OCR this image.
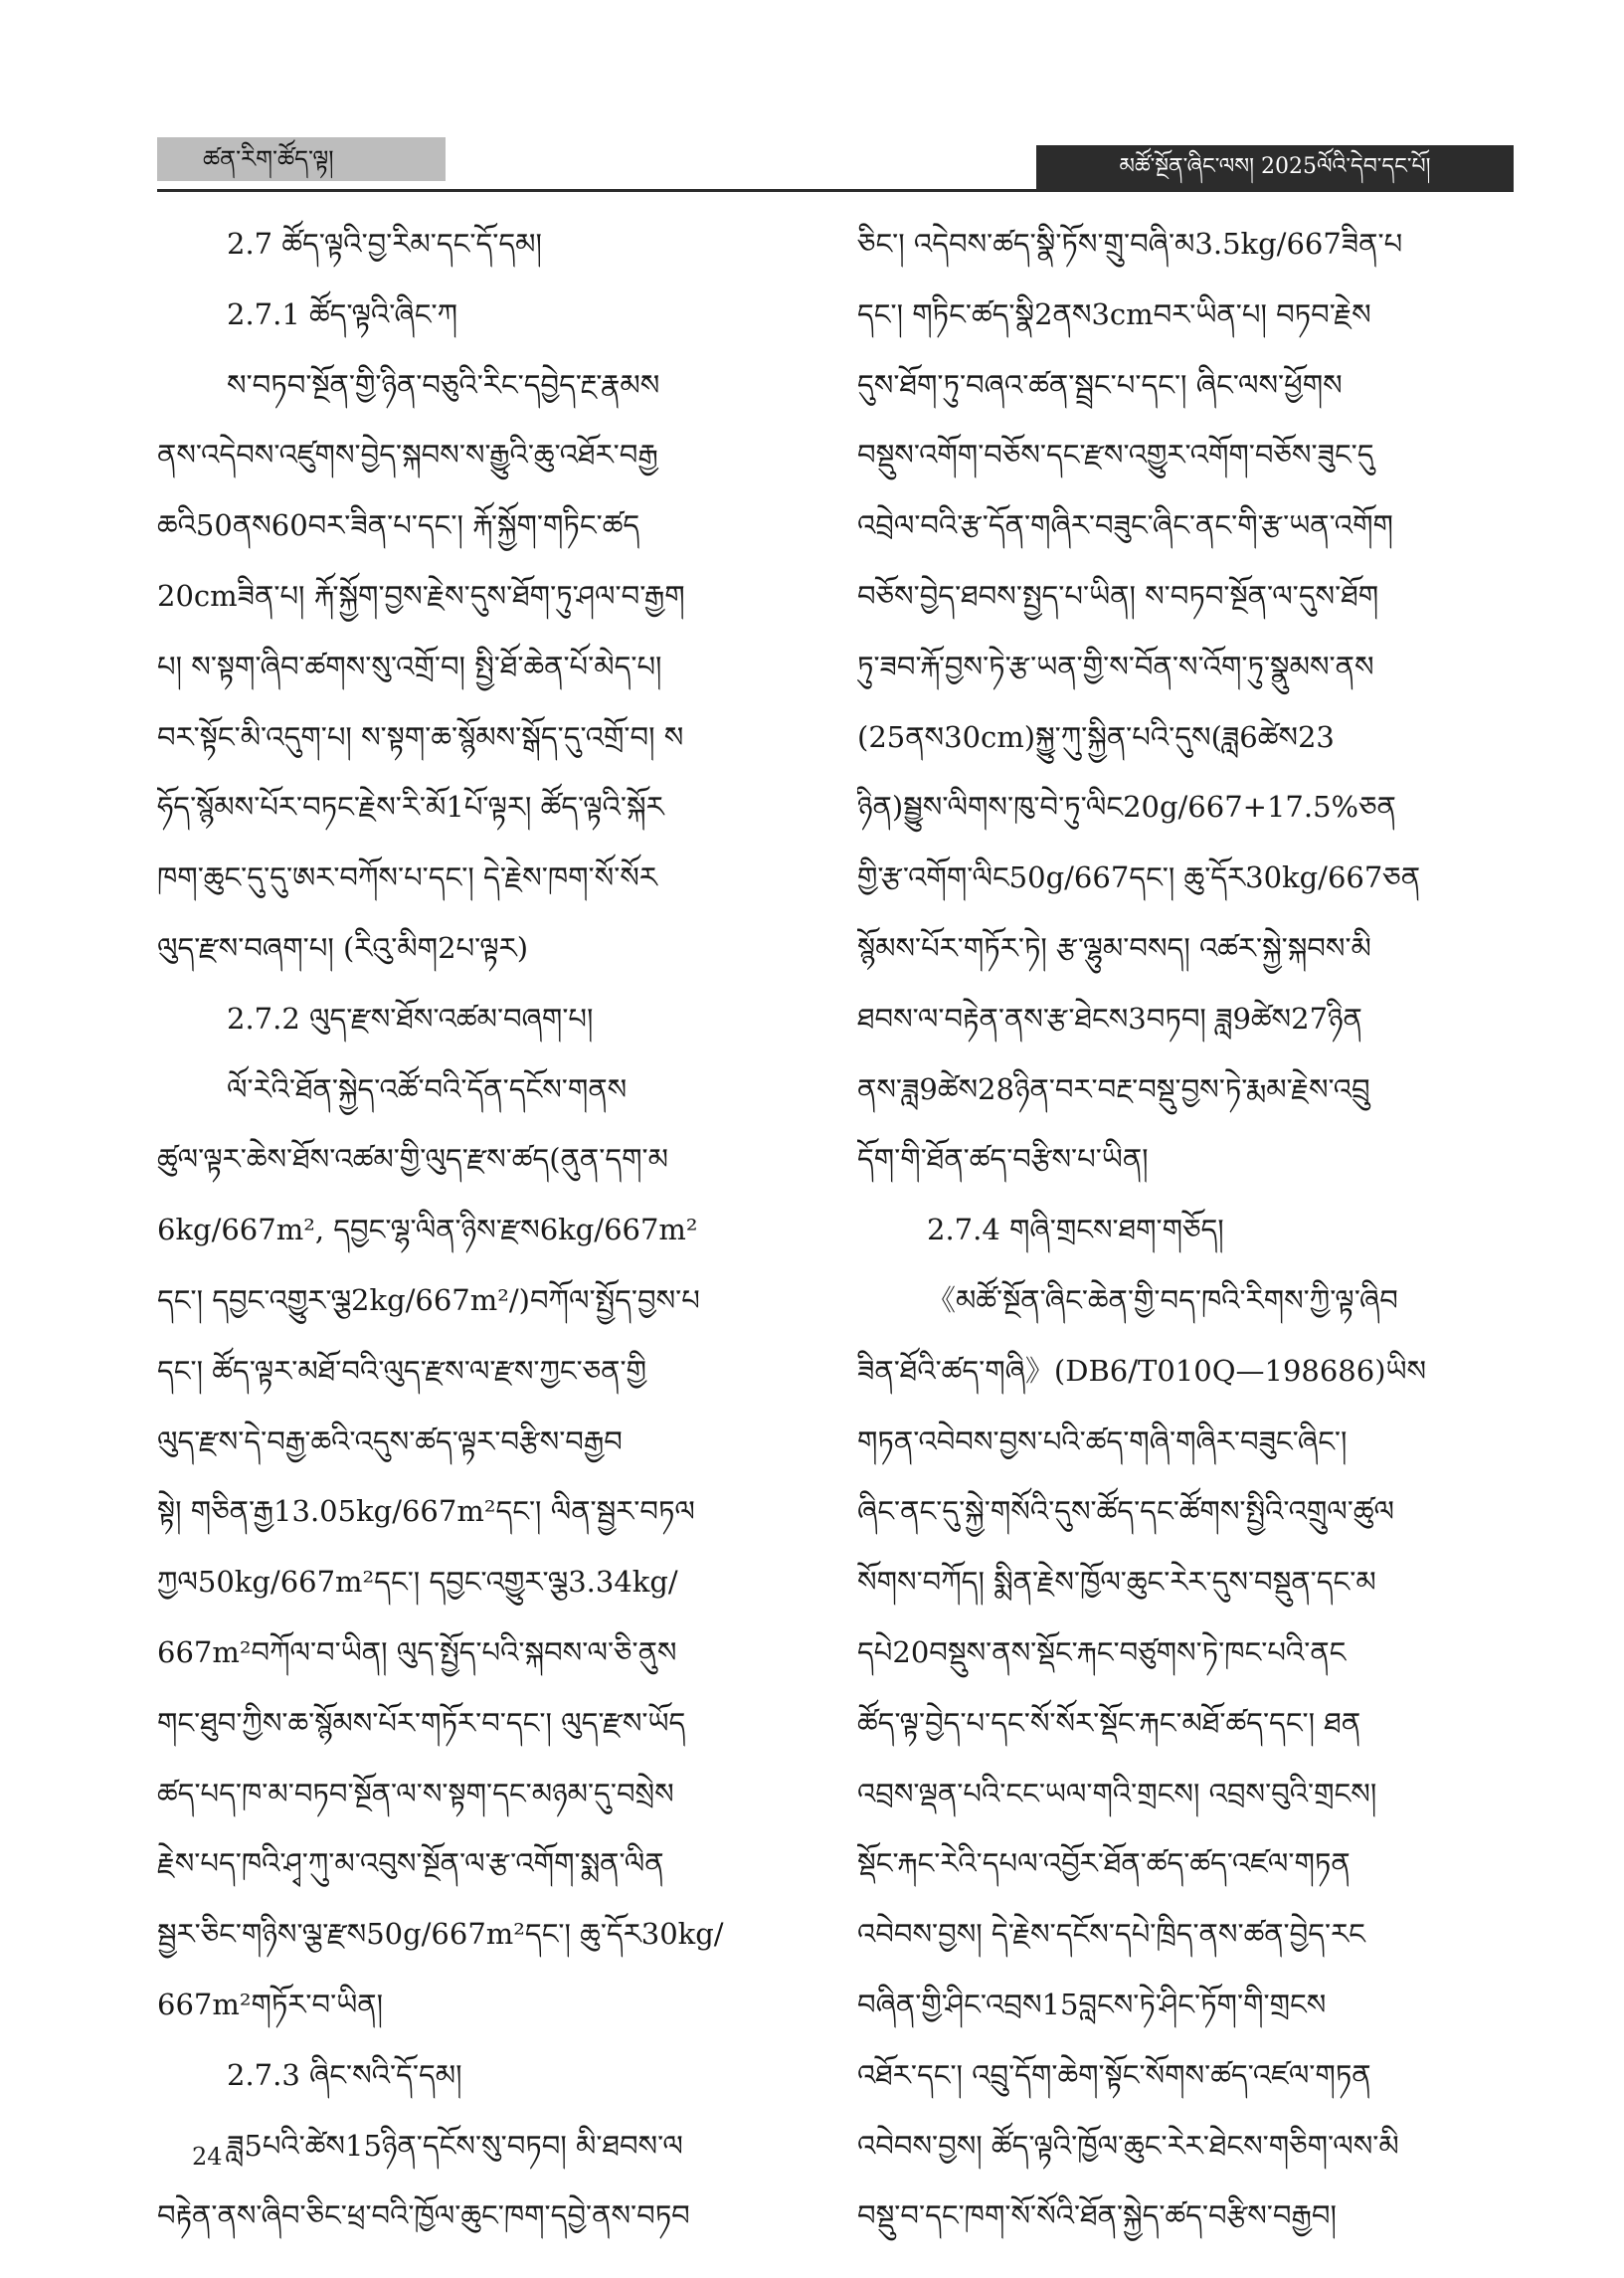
ཚན་རིག་ཚོད་ལྟ།	མཚོ་སྔོན་ཞིང་ལས། 2025ལོའི་དེབ་དང་པོ།
2.7 ཚོད་ལྟའི་བྱ་རིམ་དང་དོ་དམ།
2.7.1 ཚོད་ལྟའི་ཞིང་ཀ
ས་བཏབ་སྔོན་གྱི་ཉིན་བཅུའི་རིང་དབྱེད་རྔ་རྣམས
ནས་འདེབས་འཛུགས་བྱེད་སྐབས་ས་རྒྱུའི་ཆུ་འཐོར་བརྒྱ
ཆའི50ནས60བར་ཟིན་པ་དང་། རྐོ་སྐྱོག་གཏིང་ཚད
20cmཟིན་པ། རྐོ་སྐྱོག་བྱས་རྗེས་དུས་ཐོག་ཏུ་ཤལ་བ་རྒྱག
པ། ས་སྟག་ཞིབ་ཚགས་སུ་འགྲོ་བ། སྤྱི་ཐོ་ཆེན་པོ་མེད་པ།
བར་སྟོང་མི་འདུག་པ། ས་སྟག་ཆ་སྙོམས་སྒོད་དུ་འགྲོ་བ། ས
ཧོད་སྙོམས་པོར་བཏང་རྗེས་རི་མོ1པོ་ལྟར། ཚོད་ལྟའི་སྐོར
ཁག་ཆུང་དུ་དུ་ཨར་བཀོས་པ་དང་། དེ་རྗེས་ཁག་སོ་སོར
ལུད་རྫས་བཞག་པ། (རིའུ་མིག2པ་ལྟར)
2.7.2 ལུད་རྫས་ཐོས་འཚམ་བཞག་པ།
ལོ་རེའི་ཐོན་སྐྱེད་འཚོ་བའི་དོན་དངོས་གནས
ཚུལ་ལྟར་ཆེས་ཐོས་འཚམ་གྱི་ལུད་རྫས་ཚད(ནུན་དག་མ
6kg/667m², དབྱང་ལྷ་ལིན་ཉིས་རྫས6kg/667m²
དང་། དབྱང་འགྱུར་ལྕ2kg/667m²/)བཀོལ་སྤྱོད་བྱས་པ
དང་། ཚོད་ལྟར་མཐོ་བའི་ལུད་རྫས་ལ་རྫས་ཀྱང་ཅན་གྱི
ལུད་རྫས་དེ་བརྒྱ་ཆའི་འདུས་ཚད་ལྟར་བརྩིས་བརྒྱབ
སྟེ། གཅིན་རྒྱ13.05kg/667m²དང་། ལིན་སྦྱར་བཏལ
ཀྱལ50kg/667m²དང་། དབྱང་འགྱུར་ལྕ3.34kg/
667m²བཀོལ་བ་ཡིན། ལུད་སྤྱོད་པའི་སྐབས་ལ་ཅི་ནུས
གང་ཐུབ་ཀྱིས་ཆ་སྙོམས་པོར་གཏོར་བ་དང་། ལུད་རྫས་ཡོད
ཚད་པད་ཁ་མ་བཏབ་སྔོན་ལ་ས་སྟག་དང་མཉམ་དུ་བསྲེས
རྗེས་པད་ཁའི་ཤྭ་ཀུ་མ་འབུས་སྔོན་ལ་རྩ་འགོག་སྨན་ལིན
སྦྱར་ཅིང་གཉིས་ལྕ་རྫས50g/667m²དང་། ཆུ་དོར30kg/
667m²གཏོར་བ་ཡིན།
2.7.3 ཞིང་སའི་དོ་དམ།
ཟླ5པའི་ཚེས15ཉིན་དངོས་སུ་བཏབ། མི་ཐབས་ལ
བརྟེན་ནས་ཞིབ་ཅིང་ཕྲ་བའི་ཁྱོལ་ཆུང་ཁག་དབྱེ་ནས་བཏབ
ཅིང་། འདེབས་ཚད་སྣི་ཏོས་གྲུ་བཞི་མ3.5kg/667ཟིན་པ
དང་། གཏིང་ཚད་སྣི2ནས3cmབར་ཡིན་པ། བཏབ་རྗེས
དུས་ཐོག་ཏུ་བཞའ་ཚན་སྦྲང་པ་དང་། ཞིང་ལས་ཕྱོགས
བསྡུས་འགོག་བཅོས་དང་རྫས་འགྱུར་འགོག་བཅོས་ཟུང་དུ
འབྲེལ་བའི་རྩ་དོན་གཞིར་བཟུང་ཞིང་ནང་གི་རྩ་ཡན་འགོག
བཅོས་བྱེད་ཐབས་སྤྱད་པ་ཡིན། ས་བཏབ་སྔོན་ལ་དུས་ཐོག
ཏུ་ཟབ་རྐོ་བྱས་ཏེ་རྩ་ཡན་གྱི་ས་བོན་ས་འོག་ཏུ་སྣུམས་ནས
(25ནས30cm)སྐྱུ་ཀུ་སྐྱིན་པའི་དུས(ཟླ6ཚེས23
ཉིན)སྦྱུས་ལིགས་ཁུ་བེ་ཏུ་ལིང20g/667+17.5%ཅན
གྱི་རྩ་འགོག་ལིང50g/667དང་། ཆུ་དོར30kg/667ཅན
སྙོམས་པོར་གཏོར་ཏེ། རྩ་ལྷུམ་བསད། འཚར་སྐྱེ་སྐབས་མི
ཐབས་ལ་བརྟེན་ནས་རྩ་ཐེངས3བཏབ། ཟླ9ཚེས27ཉིན
ནས་ཟླ9ཚེས28ཉིན་བར་བརྔ་བསྡུ་བྱས་ཏེ་རྨམ་རྗེས་འབྲུ
དོག་གི་ཐོན་ཚད་བརྩིས་པ་ཡིན།
2.7.4 གཞི་གྲངས་ཐག་གཅོད།
《མཚོ་སྔོན་ཞིང་ཆེན་གྱི་བད་ཁའི་རིགས་ཀྱི་ལྟ་ཞིབ
ཟིན་ཐོའི་ཚད་གཞི》(DB6/T010Q—198686)ཡིས
གཏན་འབེབས་བྱས་པའི་ཚད་གཞི་གཞིར་བཟུང་ཞིང་།
ཞིང་ནང་དུ་སྐྱེ་གསོའི་དུས་ཚོད་དང་ཚོགས་སྤྱིའི་འགྲུལ་ཚུལ
སོགས་བཀོད། སྨིན་རྗེས་ཁྱོལ་ཆུང་རེར་དུས་བསྡུན་དང་མ
དཔེ20བསྡུས་ནས་སྡོང་རྐང་བཙུགས་ཏེ་ཁང་པའི་ནང
ཚོད་ལྟ་བྱེད་པ་དང་སོ་སོར་སྡོང་རྐང་མཐོ་ཚད་དང་། ཐན
འབྲས་ལྡན་པའི་ངང་ཡལ་གའི་གྲངས། འབྲས་བུའི་གྲངས།
སྡོང་རྐང་རེའི་དཔལ་འབྱོར་ཐོན་ཚད་ཚད་འཛལ་གཏན
འབེབས་བྱས། དེ་རྗེས་དངོས་དཔེ་ཁྲིད་ནས་ཚན་བྱེད་རང
བཞིན་གྱི་ཤིང་འབྲས15བླངས་ཏེ་ཤིང་ཏོག་གི་གྲངས
འཐོར་དང་། འབྲུ་དོག་ཆེག་སྟོང་སོགས་ཚད་འཛལ་གཏན
འབེབས་བྱས། ཚོད་ལྟའི་ཁྱོལ་ཆུང་རེར་ཐེངས་གཅིག་ལས་མི
བསྡུ་བ་དང་ཁག་སོ་སོའི་ཐོན་སྐྱེད་ཚད་བརྩིས་བརྒྱབ།
24
